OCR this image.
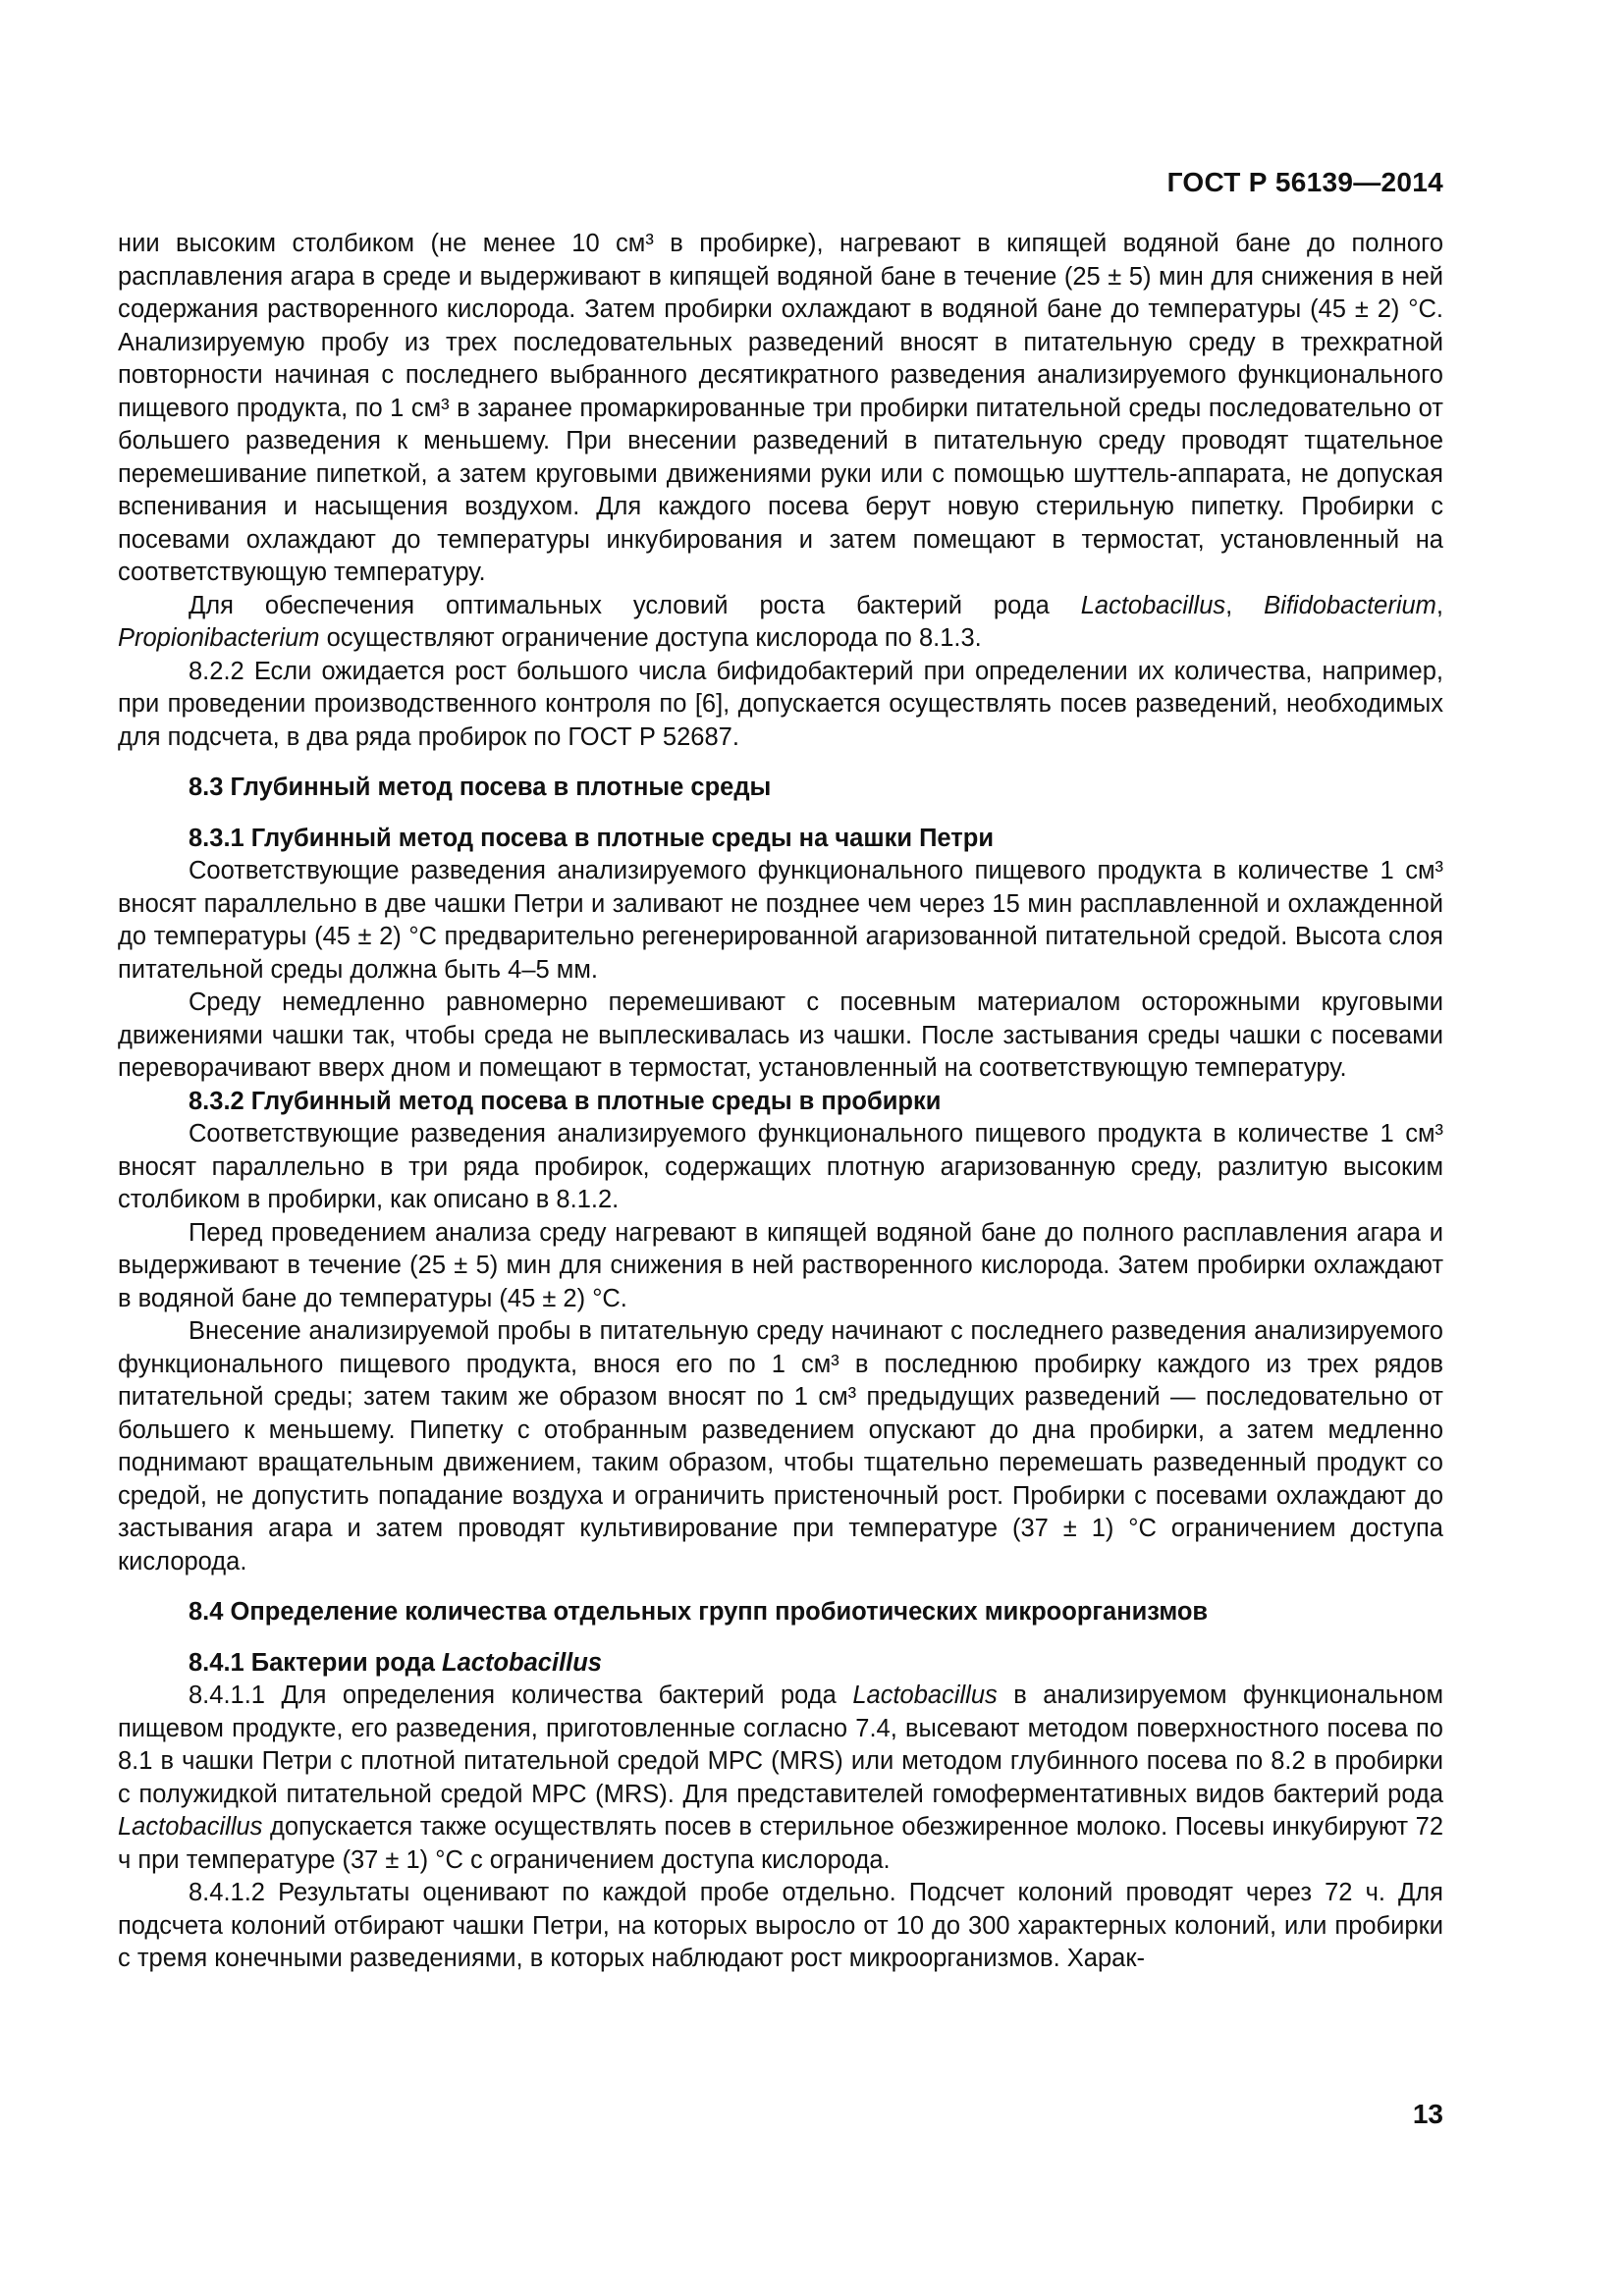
ГОСТ Р 56139—2014

нии высоким столбиком (не менее 10 см³ в пробирке), нагревают в кипящей водяной бане до полного расплавления агара в среде и выдерживают в кипящей водяной бане в течение (25 ± 5) мин для снижения в ней содержания растворенного кислорода. Затем пробирки охлаждают в водяной бане до температуры (45 ± 2) °С. Анализируемую пробу из трех последовательных разведений вносят в питательную среду в трехкратной повторности начиная с последнего выбранного десятикратного разведения анализируемого функционального пищевого продукта, по 1 см³ в заранее промаркированные три пробирки питательной среды последовательно от большего разведения к меньшему. При внесении разведений в питательную среду проводят тщательное перемешивание пипеткой, а затем круговыми движениями руки или с помощью шуттель-аппарата, не допуская вспенивания и насыщения воздухом. Для каждого посева берут новую стерильную пипетку. Пробирки с посевами охлаждают до температуры инкубирования и затем помещают в термостат, установленный на соответствующую температуру.

Для обеспечения оптимальных условий роста бактерий рода Lactobacillus, Bifidobacterium, Propionibacterium осуществляют ограничение доступа кислорода по 8.1.3.

8.2.2 Если ожидается рост большого числа бифидобактерий при определении их количества, например, при проведении производственного контроля по [6], допускается осуществлять посев разведений, необходимых для подсчета, в два ряда пробирок по ГОСТ Р 52687.

8.3 Глубинный метод посева в плотные среды

8.3.1 Глубинный метод посева в плотные среды на чашки Петри

Соответствующие разведения анализируемого функционального пищевого продукта в количестве 1 см³ вносят параллельно в две чашки Петри и заливают не позднее чем через 15 мин расплавленной и охлажденной до температуры (45 ± 2) °С предварительно регенерированной агаризованной питательной средой. Высота слоя питательной среды должна быть 4–5 мм.

Среду немедленно равномерно перемешивают с посевным материалом осторожными круговыми движениями чашки так, чтобы среда не выплескивалась из чашки. После застывания среды чашки с посевами переворачивают вверх дном и помещают в термостат, установленный на соответствующую температуру.

8.3.2 Глубинный метод посева в плотные среды в пробирки

Соответствующие разведения анализируемого функционального пищевого продукта в количестве 1 см³ вносят параллельно в три ряда пробирок, содержащих плотную агаризованную среду, разлитую высоким столбиком в пробирки, как описано в 8.1.2.

Перед проведением анализа среду нагревают в кипящей водяной бане до полного расплавления агара и выдерживают в течение (25 ± 5) мин для снижения в ней растворенного кислорода. Затем пробирки охлаждают в водяной бане до температуры (45 ± 2) °С.

Внесение анализируемой пробы в питательную среду начинают с последнего разведения анализируемого функционального пищевого продукта, внося его по 1 см³ в последнюю пробирку каждого из трех рядов питательной среды; затем таким же образом вносят по 1 см³ предыдущих разведений — последовательно от большего к меньшему. Пипетку с отобранным разведением опускают до дна пробирки, а затем медленно поднимают вращательным движением, таким образом, чтобы тщательно перемешать разведенный продукт со средой, не допустить попадание воздуха и ограничить пристеночный рост. Пробирки с посевами охлаждают до застывания агара и затем проводят культивирование при температуре (37 ± 1) °С ограничением доступа кислорода.

8.4 Определение количества отдельных групп пробиотических микроорганизмов

8.4.1 Бактерии рода Lactobacillus

8.4.1.1 Для определения количества бактерий рода Lactobacillus в анализируемом функциональном пищевом продукте, его разведения, приготовленные согласно 7.4, высевают методом поверхностного посева по 8.1 в чашки Петри с плотной питательной средой МРС (MRS) или методом глубинного посева по 8.2 в пробирки с полужидкой питательной средой МРС (MRS). Для представителей гомоферментативных видов бактерий рода Lactobacillus допускается также осуществлять посев в стерильное обезжиренное молоко. Посевы инкубируют 72 ч при температуре (37 ± 1) °С с ограничением доступа кислорода.

8.4.1.2 Результаты оценивают по каждой пробе отдельно. Подсчет колоний проводят через 72 ч. Для подсчета колоний отбирают чашки Петри, на которых выросло от 10 до 300 характерных колоний, или пробирки с тремя конечными разведениями, в которых наблюдают рост микроорганизмов. Харак-

13
